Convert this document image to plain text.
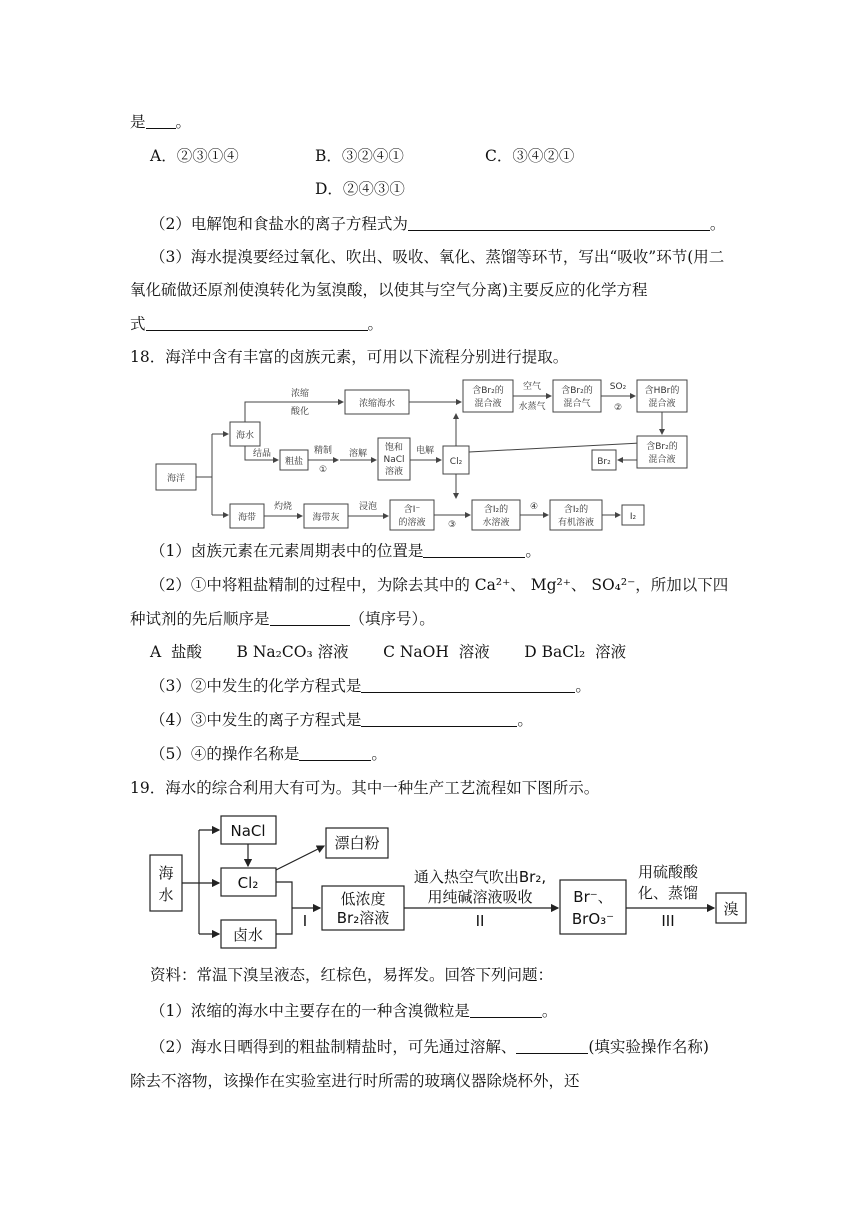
是 。
A．②③①④	B．③②④①	C．③④②①
D．②④③①
（2）电解饱和食盐水的离子方程式为	。
（3）海水提溴要经过氧化、吹出、吸收、氧化、蒸馏等环节，写出“吸收”环节(用二
氧化硫做还原剂使溴转化为氢溴酸，以使其与空气分离)主要反应的化学方程
式	。
18．海洋中含有丰富的卤族元素，可用以下流程分别进行提取。
海洋
海水
浓缩
酸化
浓缩海水
含Br₂的
混合液
空气
水蒸气
含Br₂的
混合气
SO₂
②
含HBr的
混合液
结晶
粗盐
精制
①
溶解
饱和
NaCl
溶液
电解
Cl₂
含Br₂的
混合液
Br₂
海带
灼烧
海带灰
浸泡	含I⁻
的溶液 ③
含I₂的
水溶液
④	含I₂的
有机溶液
I₂
（1）卤族元素在元素周期表中的位置是	。
（2）①中将粗盐精制的过程中，为除去其中的 Ca²⁺、 Mg²⁺、 SO₄²⁻，所加以下四
种试剂的先后顺序是	（填序号）。
A  盐酸       B Na₂CO₃ 溶液       C NaOH  溶液       D BaCl₂  溶液
（3）②中发生的化学方程式是	。
（4）③中发生的离子方程式是	。
（5）④的操作名称是	。
19．海水的综合利用大有可为。其中一种生产工艺流程如下图所示。
海
水
NaCl
Cl₂
漂白粉
卤水
I
低浓度
Br₂溶液
通入热空气吹出Br₂,
用纯碱溶液吸收
II
Br⁻、
BrO₃⁻
用硫酸酸
化、蒸馏
III
溴
资料：常温下溴呈液态，红棕色，易挥发。回答下列问题：
（1）浓缩的海水中主要存在的一种含溴微粒是	。
（2）海水日晒得到的粗盐制精盐时，可先通过溶解、	(填实验操作名称)
除去不溶物，该操作在实验室进行时所需的玻璃仪器除烧杯外，还
